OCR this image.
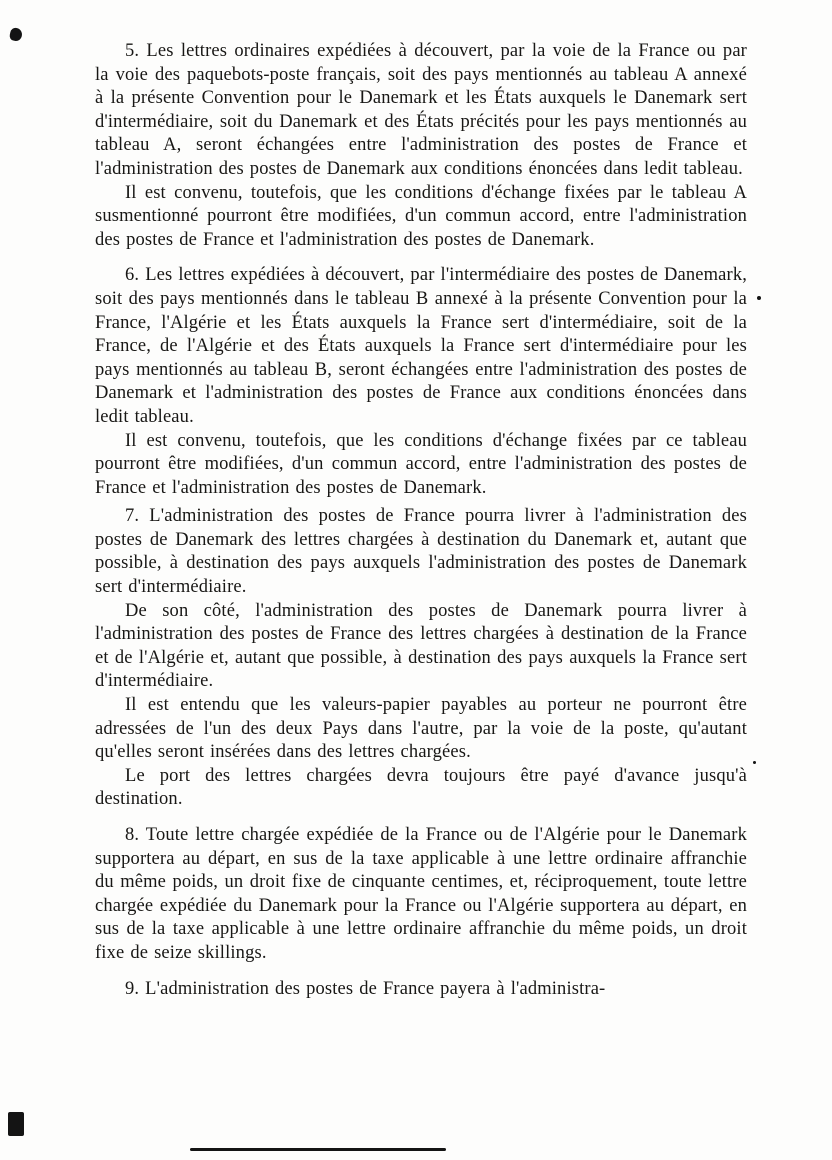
5. Les lettres ordinaires expédiées à découvert, par la voie de la France ou par la voie des paquebots-poste français, soit des pays mentionnés au tableau A annexé à la présente Convention pour le Danemark et les États auxquels le Danemark sert d'intermédiaire, soit du Danemark et des États précités pour les pays mentionnés au tableau A, seront échangées entre l'administration des postes de France et l'administration des postes de Danemark aux conditions énoncées dans ledit tableau.

Il est convenu, toutefois, que les conditions d'échange fixées par le tableau A susmentionné pourront être modifiées, d'un commun accord, entre l'administration des postes de France et l'administration des postes de Danemark.

6. Les lettres expédiées à découvert, par l'intermédiaire des postes de Danemark, soit des pays mentionnés dans le tableau B annexé à la présente Convention pour la France, l'Algérie et les États auxquels la France sert d'intermédiaire, soit de la France, de l'Algérie et des États auxquels la France sert d'intermédiaire pour les pays mentionnés au tableau B, seront échangées entre l'administration des postes de Danemark et l'administration des postes de France aux conditions énoncées dans ledit tableau.

Il est convenu, toutefois, que les conditions d'échange fixées par ce tableau pourront être modifiées, d'un commun accord, entre l'administration des postes de France et l'administration des postes de Danemark.

7. L'administration des postes de France pourra livrer à l'administration des postes de Danemark des lettres chargées à destination du Danemark et, autant que possible, à destination des pays auxquels l'administration des postes de Danemark sert d'intermédiaire.

De son côté, l'administration des postes de Danemark pourra livrer à l'administration des postes de France des lettres chargées à destination de la France et de l'Algérie et, autant que possible, à destination des pays auxquels la France sert d'intermédiaire.

Il est entendu que les valeurs-papier payables au porteur ne pourront être adressées de l'un des deux Pays dans l'autre, par la voie de la poste, qu'autant qu'elles seront insérées dans des lettres chargées.

Le port des lettres chargées devra toujours être payé d'avance jusqu'à destination.

8. Toute lettre chargée expédiée de la France ou de l'Algérie pour le Danemark supportera au départ, en sus de la taxe applicable à une lettre ordinaire affranchie du même poids, un droit fixe de cinquante centimes, et, réciproquement, toute lettre chargée expédiée du Danemark pour la France ou l'Algérie supportera au départ, en sus de la taxe applicable à une lettre ordinaire affranchie du même poids, un droit fixe de seize skillings.

9. L'administration des postes de France payera à l'administra-
